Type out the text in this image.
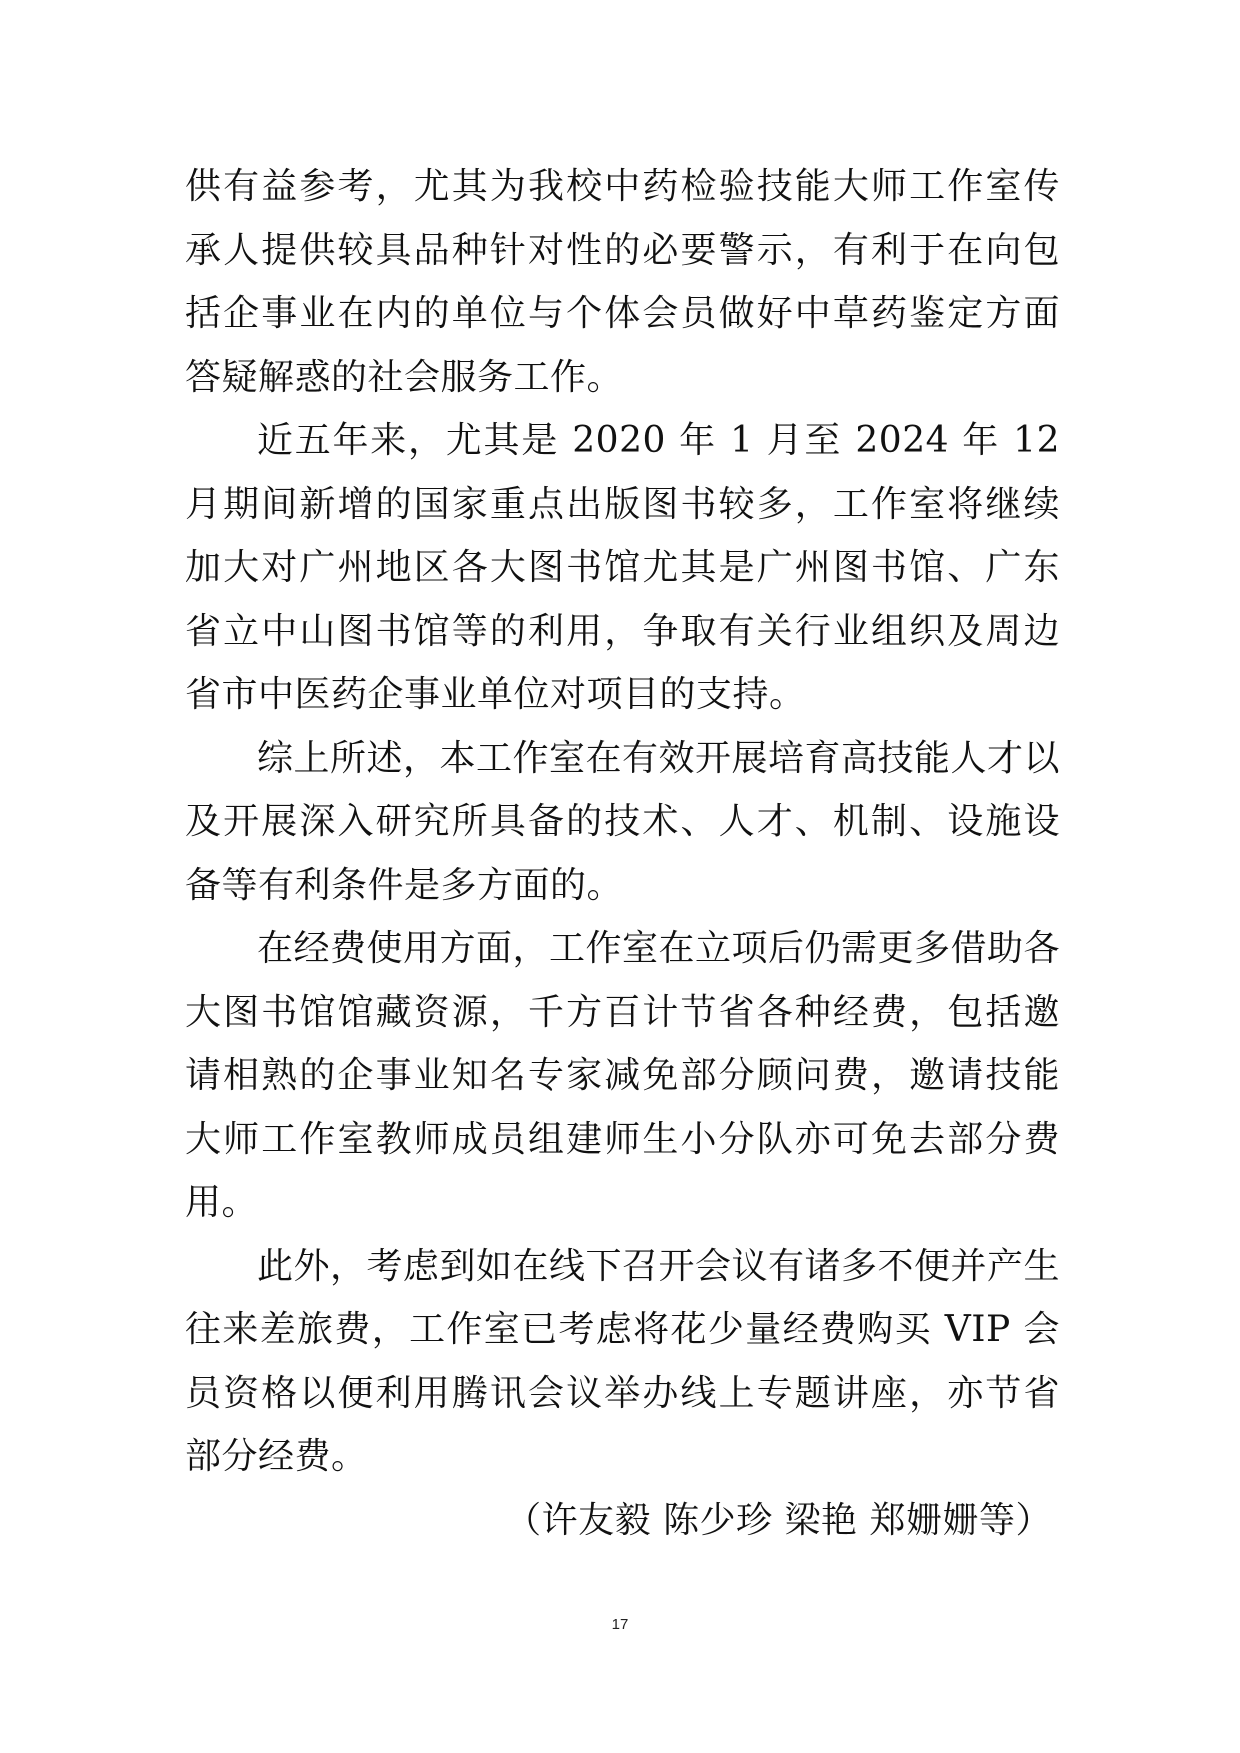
供有益参考，尤其为我校中药检验技能大师工作室传承人提供较具品种针对性的必要警示，有利于在向包括企事业在内的单位与个体会员做好中草药鉴定方面答疑解惑的社会服务工作。

近五年来，尤其是 2020 年 1 月至 2024 年 12 月期间新增的国家重点出版图书较多，工作室将继续加大对广州地区各大图书馆尤其是广州图书馆、广东省立中山图书馆等的利用，争取有关行业组织及周边省市中医药企事业单位对项目的支持。

综上所述，本工作室在有效开展培育高技能人才以及开展深入研究所具备的技术、人才、机制、设施设备等有利条件是多方面的。

在经费使用方面，工作室在立项后仍需更多借助各大图书馆馆藏资源，千方百计节省各种经费，包括邀请相熟的企事业知名专家减免部分顾问费，邀请技能大师工作室教师成员组建师生小分队亦可免去部分费用。

此外，考虑到如在线下召开会议有诸多不便并产生往来差旅费，工作室已考虑将花少量经费购买 VIP 会员资格以便利用腾讯会议举办线上专题讲座，亦节省部分经费。

（许友毅 陈少珍 梁艳 郑姗姗等）

17
